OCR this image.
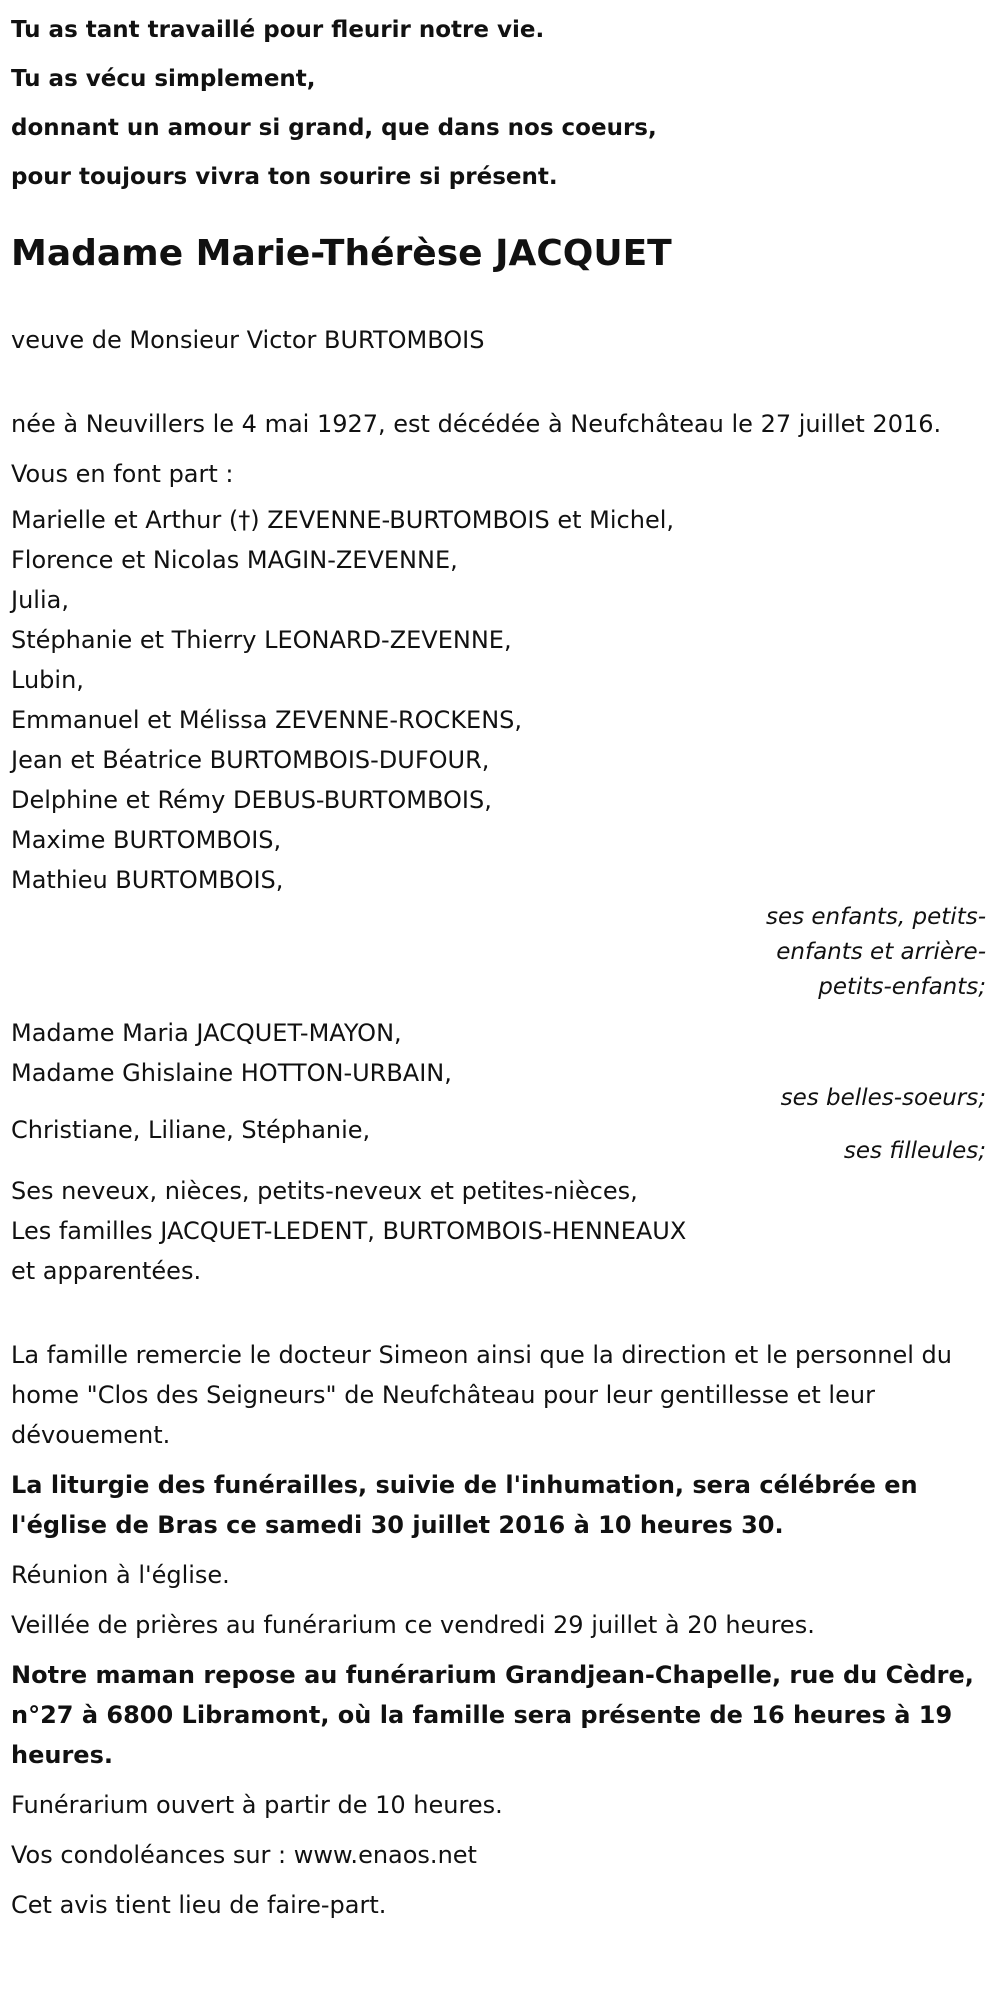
Tu as tant travaillé pour fleurir notre vie.

Tu as vécu simplement,

donnant un amour si grand, que dans nos coeurs,

pour toujours vivra ton sourire si présent.

Madame Marie-Thérèse JACQUET

veuve de Monsieur Victor BURTOMBOIS

née à Neuvillers le 4 mai 1927, est décédée à Neufchâteau le 27 juillet 2016.

Vous en font part :

Marielle et Arthur (†) ZEVENNE-BURTOMBOIS et Michel,
Florence et Nicolas MAGIN-ZEVENNE,
Julia,
Stéphanie et Thierry LEONARD-ZEVENNE,
Lubin,
Emmanuel et Mélissa ZEVENNE-ROCKENS,
Jean et Béatrice BURTOMBOIS-DUFOUR,
Delphine et Rémy DEBUS-BURTOMBOIS,
Maxime BURTOMBOIS,
Mathieu BURTOMBOIS,
ses enfants, petits-enfants et arrière-petits-enfants;
Madame Maria JACQUET-MAYON,
Madame Ghislaine HOTTON-URBAIN,
ses belles-soeurs;

Christiane, Liliane, Stéphanie,

ses filleules;
Ses neveux, nièces, petits-neveux et petites-nièces,
Les familles JACQUET-LEDENT, BURTOMBOIS-HENNEAUX
et apparentées.

La famille remercie le docteur Simeon ainsi que la direction et le personnel du home "Clos des Seigneurs" de Neufchâteau pour leur gentillesse et leur dévouement.

La liturgie des funérailles, suivie de l'inhumation, sera célébrée en l'église de Bras ce samedi 30 juillet 2016 à 10 heures 30.

Réunion à l'église.

Veillée de prières au funérarium ce vendredi 29 juillet à 20 heures.

Notre maman repose au funérarium Grandjean-Chapelle, rue du Cèdre, n°27 à 6800 Libramont, où la famille sera présente de 16 heures à 19 heures.

Funérarium ouvert à partir de 10 heures.

Vos condoléances sur : www.enaos.net

Cet avis tient lieu de faire-part.
